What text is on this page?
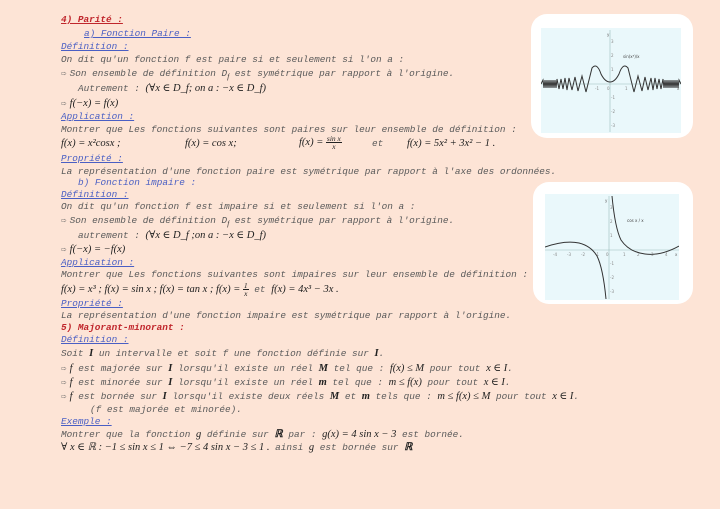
4) Parité :
a) Fonction Paire :
Définition :
On dit qu'un fonction f est paire si et seulement si l'on a :
⇨ Son ensemble de définition $D_f$ est symétrique par rapport à l'origine.
Autrement : (∀x ∈ D_f; on a : −x ∈ D_f)
⇨ f(−x) = f(x)
Application :
Montrer que Les fonctions suivantes sont paires sur leur ensemble de définition :
f(x) = x²cosx ;	f(x) = cos x;	$f(x) = \frac{\text{sin x}}{x}$	et f(x) = 5x² + 3x² − 1 .
Propriété :
La représentation d'une fonction paire est symétrique par rapport à l'axe des ordonnées.
b) Fonction impaire :
Définition :
On dit qu'un fonction f est impaire si et seulement si l'on a :
⇨ Son ensemble de définition $D_f$ est symétrique par rapport à l'origine.
autrement : (∀x ∈ D_f ;on a : −x ∈ D_f)
⇨ f(−x) = −f(x)
Application :
Montrer que Les fonctions suivantes sont impaires sur leur ensemble de définition :
f(x) = x³ ; f(x) = sin x ; f(x) = tan x ; $f(x) = \frac{1}{x}$ et f(x) = 4x³ − 3x .
Propriété :
La représentation d'une fonction impaire est symétrique par rapport à l'origine.
5) Majorant-minorant :
Définition :
Soit I un intervalle et soit f une fonction définie sur I.
⇨ f est majorée sur I lorsqu'il existe un réel M tel que : f(x) ≤ M pour tout x ∈ I.
⇨ f est minorée sur I lorsqu'il existe un réel m tel que : m ≤ f(x) pour tout x ∈ I.
⇨ f est bornée sur I lorsqu'il existe deux réels M et m tels que : m ≤ f(x) ≤ M pour tout x ∈ I.
(f est majorée et minorée).
Exemple :
Montrer que la fonction g définie sur ℝ par : g(x) = 4 sin x − 3 est bornée.
∀ x ∈ ℝ : −1 ≤ sin x ≤ 1 ⇔ −7 ≤ 4 sin x − 3 ≤ 1 . ainsi g est bornée sur ℝ
y
x
3
2
1
-1
-2
-3
-1 0	1
sin(x³)/x
y
x
3
2
1
-1
-2
-3
-4	-3	-2	-1 0	1	2	3	4
cos x / x
